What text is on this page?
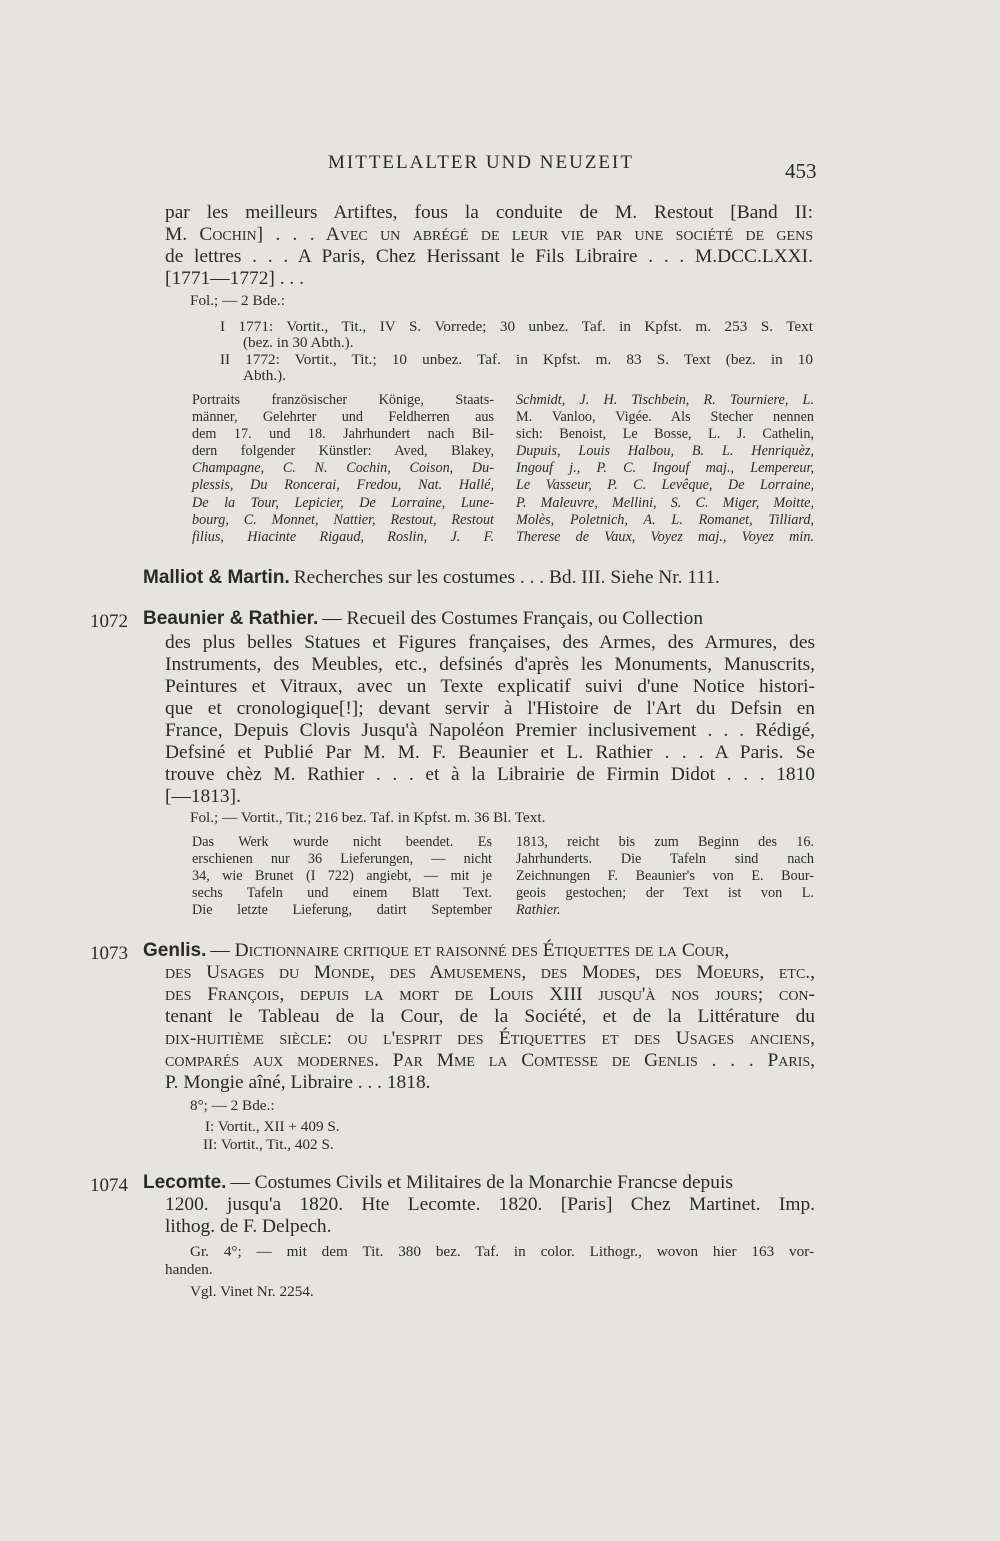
MITTELALTER UND NEUZEIT	453
par les meilleurs Artiftes, fous la conduite de M. Restout [Band II:
M. Cochin] . . . Avec un abrégé de leur vie par une société de gens
de lettres . . . A Paris, Chez Herissant le Fils Libraire . . . M.DCC.LXXI.
[1771—1772] . . .
Fol.; — 2 Bde.:
I 1771: Vortit., Tit., IV S. Vorrede; 30 unbez. Taf. in Kpfst. m. 253 S. Text
(bez. in 30 Abth.).
II 1772: Vortit., Tit.; 10 unbez. Taf. in Kpfst. m. 83 S. Text (bez. in 10
Abth.).
Portraits französischer Könige, Staats-
männer, Gelehrter und Feldherren aus
dem 17. und 18. Jahrhundert nach Bil-
dern folgender Künstler: Aved, Blakey,
Champagne, C. N. Cochin, Coison, Du-
plessis, Du Roncerai, Fredou, Nat. Hallé,
De la Tour, Lepicier, De Lorraine, Lune-
bourg, C. Monnet, Nattier, Restout, Restout
filius, Hiacinte Rigaud, Roslin, J. F.
Schmidt, J. H. Tischbein, R. Tourniere, L.
M. Vanloo, Vigée. Als Stecher nennen
sich: Benoist, Le Bosse, L. J. Cathelin,
Dupuis, Louis Halbou, B. L. Henriquèz,
Ingouf j., P. C. Ingouf maj., Lempereur,
Le Vasseur, P. C. Levêque, De Lorraine,
P. Maleuvre, Mellini, S. C. Miger, Moitte,
Molès, Poletnich, A. L. Romanet, Tilliard,
Therese de Vaux, Voyez maj., Voyez min.
Malliot & Martin. Recherches sur les costumes . . . Bd. III. Siehe Nr. 111.
1072 Beaunier & Rathier. — Recueil des Costumes Français, ou Collection
des plus belles Statues et Figures françaises, des Armes, des Armures, des
Instruments, des Meubles, etc., defsinés d'après les Monuments, Manuscrits,
Peintures et Vitraux, avec un Texte explicatif suivi d'une Notice histori-
que et cronologique[!]; devant servir à l'Histoire de l'Art du Defsin en
France, Depuis Clovis Jusqu'à Napoléon Premier inclusivement . . . Rédigé,
Defsiné et Publié Par M. M. F. Beaunier et L. Rathier . . . A Paris. Se
trouve chèz M. Rathier . . . et à la Librairie de Firmin Didot . . . 1810
[—1813].
Fol.; — Vortit., Tit.; 216 bez. Taf. in Kpfst. m. 36 Bl. Text.
Das Werk wurde nicht beendet. Es
erschienen nur 36 Lieferungen, — nicht
34, wie Brunet (I 722) angiebt, — mit je
sechs Tafeln und einem Blatt Text.
Die letzte Lieferung, datirt September
1813, reicht bis zum Beginn des 16.
Jahrhunderts. Die Tafeln sind nach
Zeichnungen F. Beaunier's von E. Bour-
geois gestochen; der Text ist von L.
Rathier.
1073 Genlis. — Dictionnaire critique et raisonné des Étiquettes de la Cour,
des Usages du Monde, des Amusemens, des Modes, des Moeurs, etc.,
des François, depuis la mort de Louis XIII jusqu'à nos jours; con-
tenant le Tableau de la Cour, de la Société, et de la Littérature du
dix-huitième siècle: ou l'esprit des Étiquettes et des Usages anciens,
comparés aux modernes. Par Mme la Comtesse de Genlis . . . Paris,
P. Mongie aîné, Libraire . . . 1818.
8°; — 2 Bde.:
I: Vortit., XII + 409 S.
II: Vortit., Tit., 402 S.
1074 Lecomte. — Costumes Civils et Militaires de la Monarchie Francse depuis
1200. jusqu'a 1820. Hte Lecomte. 1820. [Paris] Chez Martinet. Imp.
lithog. de F. Delpech.
Gr. 4°; — mit dem Tit. 380 bez. Taf. in color. Lithogr., wovon hier 163 vor-
handen.
Vgl. Vinet Nr. 2254.
